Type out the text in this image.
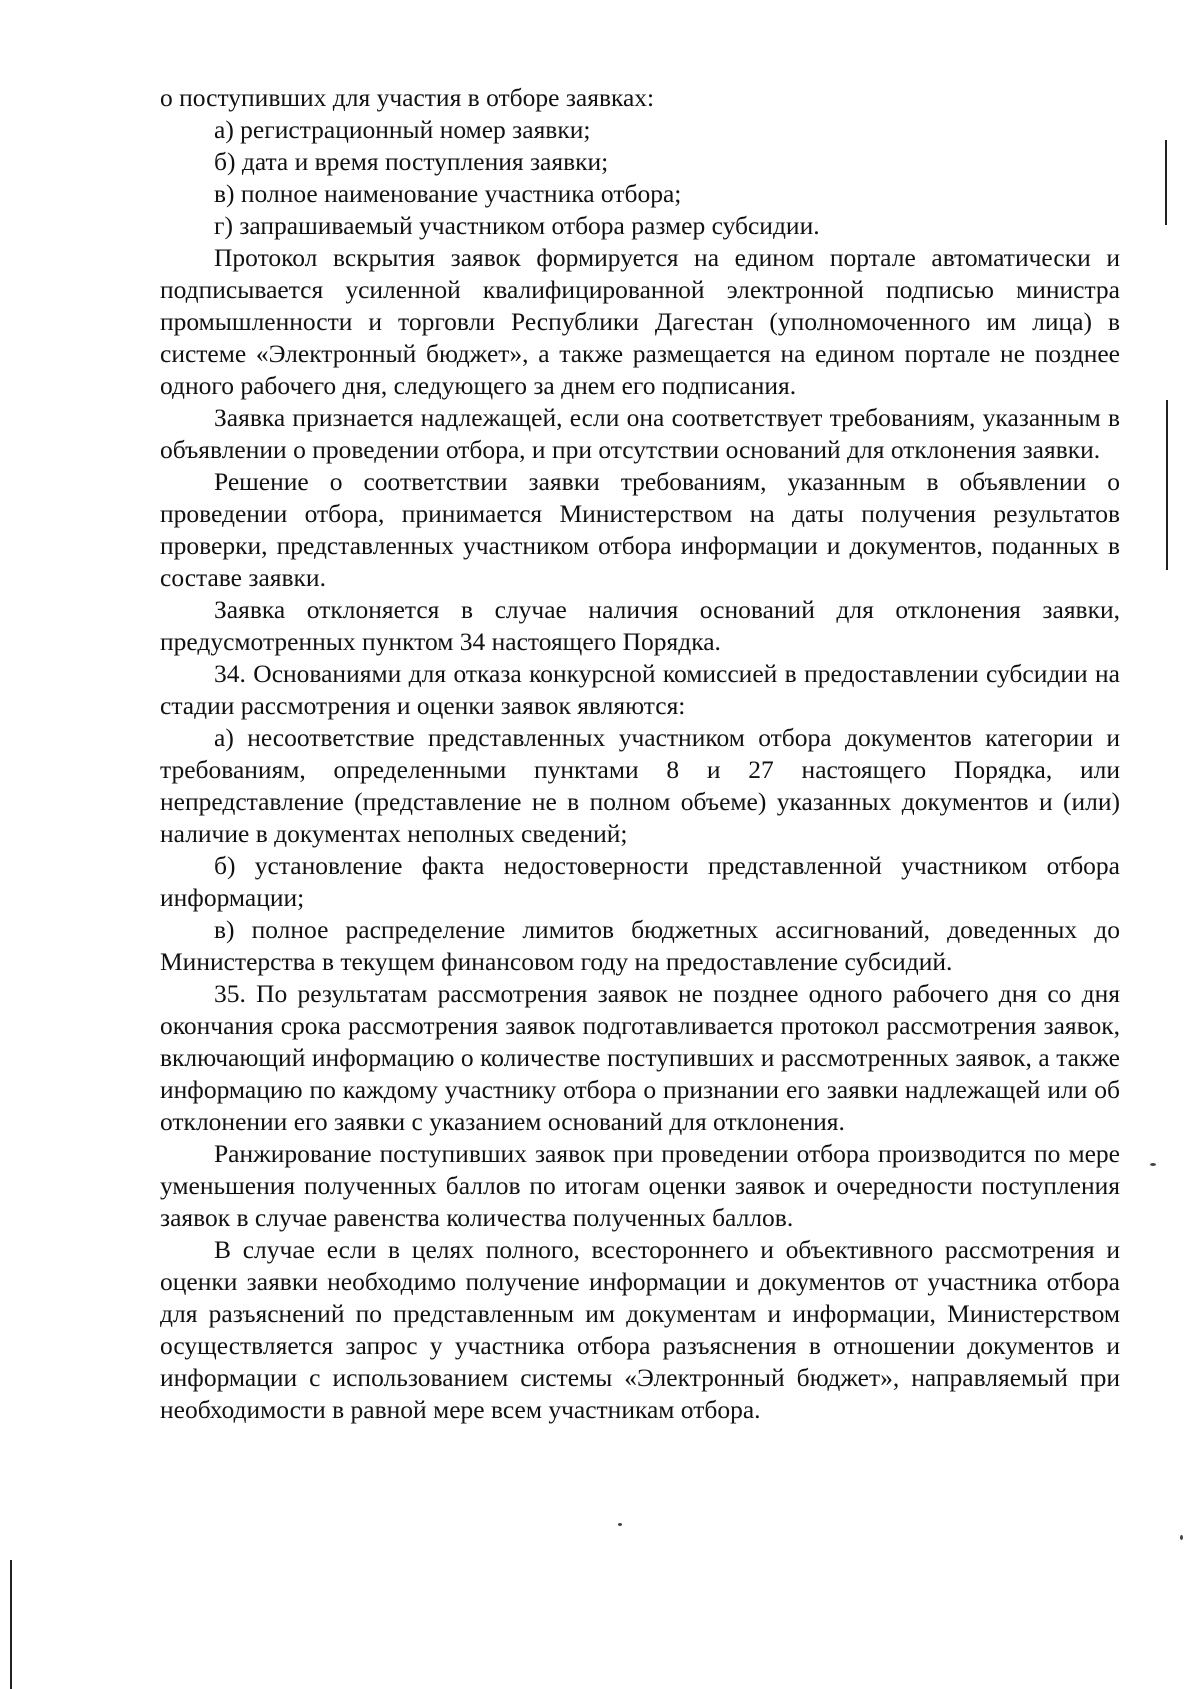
о поступивших для участия в отборе заявках:

а) регистрационный номер заявки;

б) дата и время поступления заявки;

в) полное наименование участника отбора;

г) запрашиваемый участником отбора размер субсидии.

Протокол вскрытия заявок формируется на едином портале автоматически и подписывается усиленной квалифицированной электронной подписью министра промышленности и торговли Республики Дагестан (уполномоченного им лица) в системе «Электронный бюджет», а также размещается на едином портале не позднее одного рабочего дня, следующего за днем его подписания.

Заявка признается надлежащей, если она соответствует требованиям, указанным в объявлении о проведении отбора, и при отсутствии оснований для отклонения заявки.

Решение о соответствии заявки требованиям, указанным в объявлении о проведении отбора, принимается Министерством на даты получения результатов проверки, представленных участником отбора информации и документов, поданных в составе заявки.

Заявка отклоняется в случае наличия оснований для отклонения заявки, предусмотренных пунктом 34 настоящего Порядка.

34. Основаниями для отказа конкурсной комиссией в предоставлении субсидии на стадии рассмотрения и оценки заявок являются:

а) несоответствие представленных участником отбора документов категории и требованиям, определенными пунктами 8 и 27 настоящего Порядка, или непредставление (представление не в полном объеме) указанных документов и (или) наличие в документах неполных сведений;

б) установление факта недостоверности представленной участником отбора информации;

в) полное распределение лимитов бюджетных ассигнований, доведенных до Министерства в текущем финансовом году на предоставление субсидий.

35. По результатам рассмотрения заявок не позднее одного рабочего дня со дня окончания срока рассмотрения заявок подготавливается протокол рассмотрения заявок, включающий информацию о количестве поступивших и рассмотренных заявок, а также информацию по каждому участнику отбора о признании его заявки надлежащей или об отклонении его заявки с указанием оснований для отклонения.

Ранжирование поступивших заявок при проведении отбора производится по мере уменьшения полученных баллов по итогам оценки заявок и очередности поступления заявок в случае равенства количества полученных баллов.

В случае если в целях полного, всестороннего и объективного рассмотрения и оценки заявки необходимо получение информации и документов от участника отбора для разъяснений по представленным им документам и информации, Министерством осуществляется запрос у участника отбора разъяснения в отношении документов и информации с использованием системы «Электронный бюджет», направляемый при необходимости в равной мере всем участникам отбора.
